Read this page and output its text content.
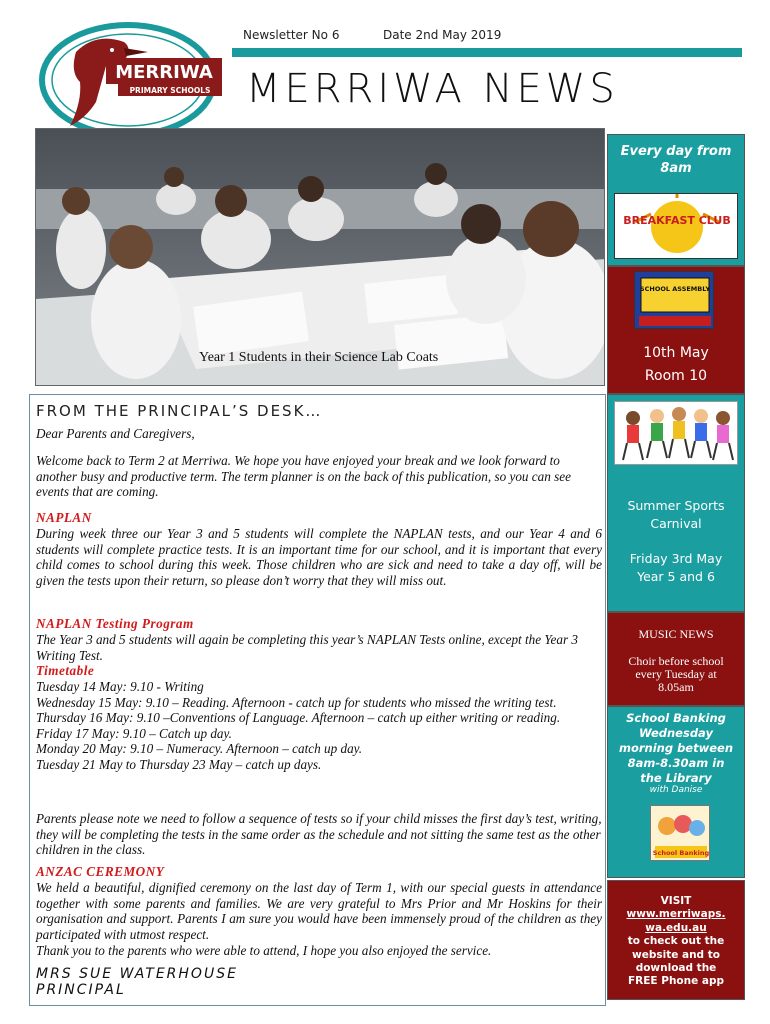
MERRIWA
PRIMARY SCHOOLS
Newsletter No 6	Date 2nd May 2019
MERRIWA NEWS
Year 1 Students in their Science Lab Coats
FROM THE PRINCIPAL’S DESK…
Dear Parents and Caregivers,
Welcome back to Term 2 at Merriwa. We hope you have enjoyed your break and we look forward to another busy and productive term. The term planner is on the back of this publication, so you can see events that are coming.
NAPLAN
During week three our Year 3 and 5 students will complete the NAPLAN tests, and our Year 4 and 6 students will complete practice tests. It is an important time for our school, and it is important that every child comes to school during this week. Those children who are sick and need to take a day off, will be given the tests upon their return, so please don’t worry that they will miss out.
NAPLAN Testing Program
The Year 3 and 5 students will again be completing this year’s NAPLAN Tests online, except the Year 3 Writing Test.
Timetable
Tuesday 14 May: 9.10 - Writing
Wednesday 15 May: 9.10 – Reading. Afternoon - catch up for students who missed the writing test.
Thursday 16 May: 9.10 –Conventions of Language. Afternoon – catch up either writing or reading.
Friday 17 May: 9.10 – Catch up day.
Monday 20 May: 9.10 – Numeracy. Afternoon – catch up day.
Tuesday 21 May to Thursday 23 May – catch up days.
Parents please note we need to follow a sequence of tests so if your child misses the first day’s test, writing, they will be completing the tests in the same order as the schedule and not sitting the same test as the other children in the class.
ANZAC CEREMONY
We held a beautiful, dignified ceremony on the last day of Term 1, with our special guests in attendance together with some parents and families. We are very grateful to Mrs Prior and Mr Hoskins for their organisation and support. Parents I am sure you would have been immensely proud of the children as they participated with utmost respect.
Thank you to the parents who were able to attend, I hope you also enjoyed the service.
MRS SUE WATERHOUSE
PRINCIPAL
Every day from 8am
BREAKFAST CLUB
SCHOOL ASSEMBLY
10th May
Room 10
Summer Sports Carnival
Friday 3rd May
Year 5 and 6
MUSIC NEWS
Choir before school every Tuesday at 8.05am
School Banking Wednesday morning between 8am-8.30am in the Library
with Danise
School Banking
VISIT
www.merriwaps.
wa.edu.au
to check out the website and to download the FREE Phone app
